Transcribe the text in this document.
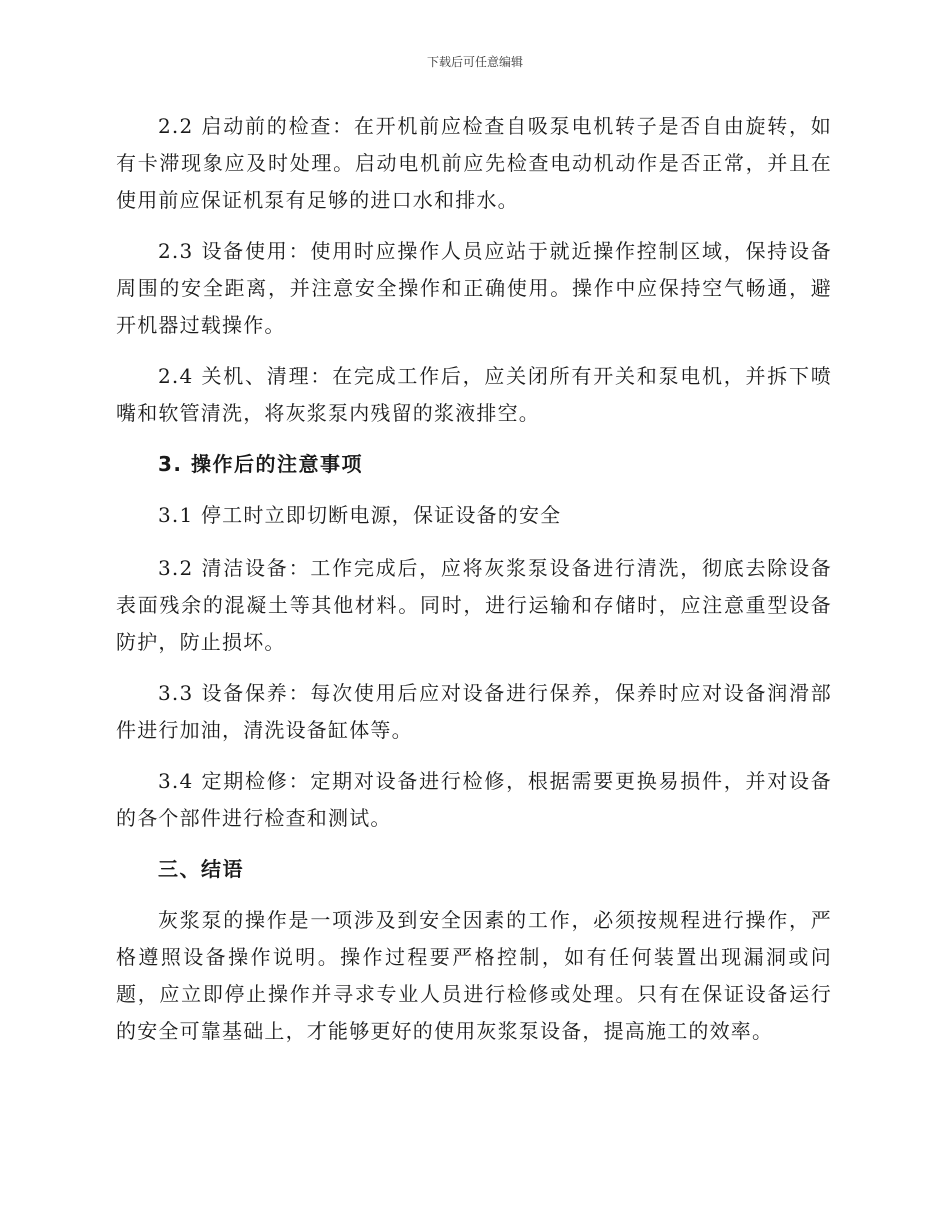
下载后可任意编辑

2.2 启动前的检查：在开机前应检查自吸泵电机转子是否自由旋转，如有卡滞现象应及时处理。启动电机前应先检查电动机动作是否正常，并且在使用前应保证机泵有足够的进口水和排水。

2.3 设备使用：使用时应操作人员应站于就近操作控制区域，保持设备周围的安全距离，并注意安全操作和正确使用。操作中应保持空气畅通，避开机器过载操作。

2.4 关机、清理：在完成工作后，应关闭所有开关和泵电机，并拆下喷嘴和软管清洗，将灰浆泵内残留的浆液排空。

3. 操作后的注意事项

3.1 停工时立即切断电源，保证设备的安全

3.2 清洁设备：工作完成后，应将灰浆泵设备进行清洗，彻底去除设备表面残余的混凝土等其他材料。同时，进行运输和存储时，应注意重型设备防护，防止损坏。

3.3 设备保养：每次使用后应对设备进行保养，保养时应对设备润滑部件进行加油，清洗设备缸体等。

3.4 定期检修：定期对设备进行检修，根据需要更换易损件，并对设备的各个部件进行检查和测试。

三、结语

灰浆泵的操作是一项涉及到安全因素的工作，必须按规程进行操作，严格遵照设备操作说明。操作过程要严格控制，如有任何装置出现漏洞或问题，应立即停止操作并寻求专业人员进行检修或处理。只有在保证设备运行的安全可靠基础上，才能够更好的使用灰浆泵设备，提高施工的效率。
